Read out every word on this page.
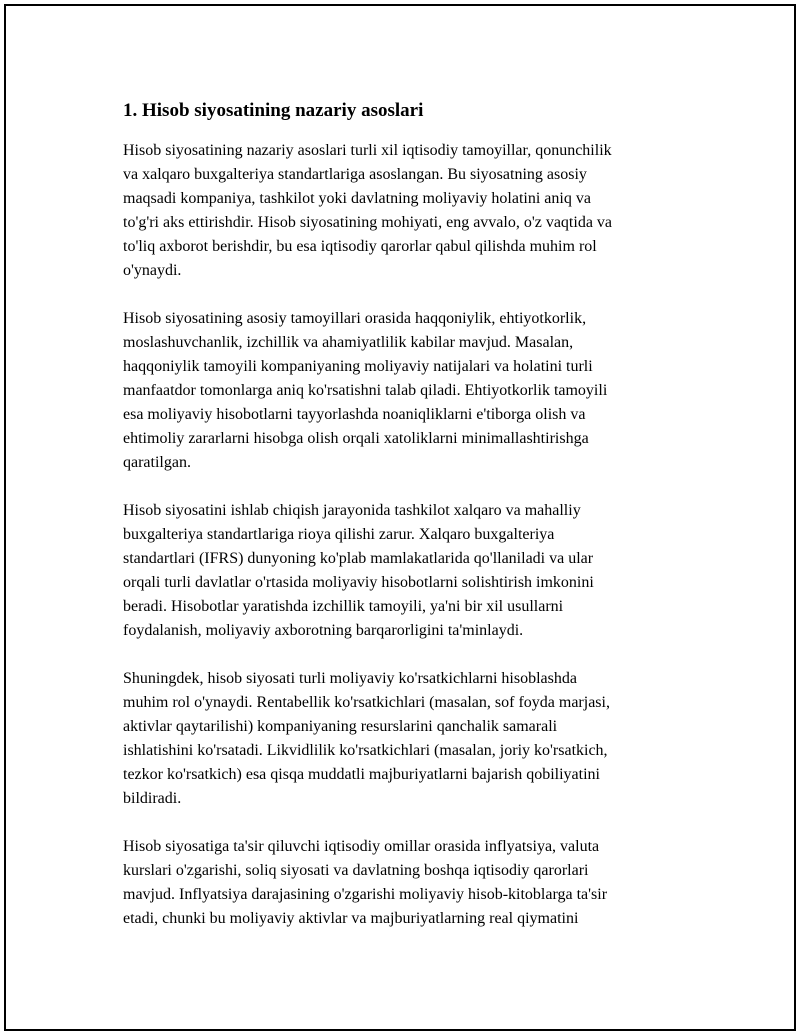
1. Hisob siyosatining nazariy asoslari
Hisob siyosatining nazariy asoslari turli xil iqtisodiy tamoyillar, qonunchilik
va xalqaro buxgalteriya standartlariga asoslangan. Bu siyosatning asosiy
maqsadi kompaniya, tashkilot yoki davlatning moliyaviy holatini aniq va
to'g'ri aks ettirishdir. Hisob siyosatining mohiyati, eng avvalo, o'z vaqtida va
to'liq axborot berishdir, bu esa iqtisodiy qarorlar qabul qilishda muhim rol
o'ynaydi.
Hisob siyosatining asosiy tamoyillari orasida haqqoniylik, ehtiyotkorlik,
moslashuvchanlik, izchillik va ahamiyatlilik kabilar mavjud. Masalan,
haqqoniylik tamoyili kompaniyaning moliyaviy natijalari va holatini turli
manfaatdor tomonlarga aniq ko'rsatishni talab qiladi. Ehtiyotkorlik tamoyili
esa moliyaviy hisobotlarni tayyorlashda noaniqliklarni e'tiborga olish va
ehtimoliy zararlarni hisobga olish orqali xatoliklarni minimallashtirishga
qaratilgan.
Hisob siyosatini ishlab chiqish jarayonida tashkilot xalqaro va mahalliy
buxgalteriya standartlariga rioya qilishi zarur. Xalqaro buxgalteriya
standartlari (IFRS) dunyoning ko'plab mamlakatlarida qo'llaniladi va ular
orqali turli davlatlar o'rtasida moliyaviy hisobotlarni solishtirish imkonini
beradi. Hisobotlar yaratishda izchillik tamoyili, ya'ni bir xil usullarni
foydalanish, moliyaviy axborotning barqarorligini ta'minlaydi.
Shuningdek, hisob siyosati turli moliyaviy ko'rsatkichlarni hisoblashda
muhim rol o'ynaydi. Rentabellik ko'rsatkichlari (masalan, sof foyda marjasi,
aktivlar qaytarilishi) kompaniyaning resurslarini qanchalik samarali
ishlatishini ko'rsatadi. Likvidlilik ko'rsatkichlari (masalan, joriy ko'rsatkich,
tezkor ko'rsatkich) esa qisqa muddatli majburiyatlarni bajarish qobiliyatini
bildiradi.
Hisob siyosatiga ta'sir qiluvchi iqtisodiy omillar orasida inflyatsiya, valuta
kurslari o'zgarishi, soliq siyosati va davlatning boshqa iqtisodiy qarorlari
mavjud. Inflyatsiya darajasining o'zgarishi moliyaviy hisob-kitoblarga ta'sir
etadi, chunki bu moliyaviy aktivlar va majburiyatlarning real qiymatini
